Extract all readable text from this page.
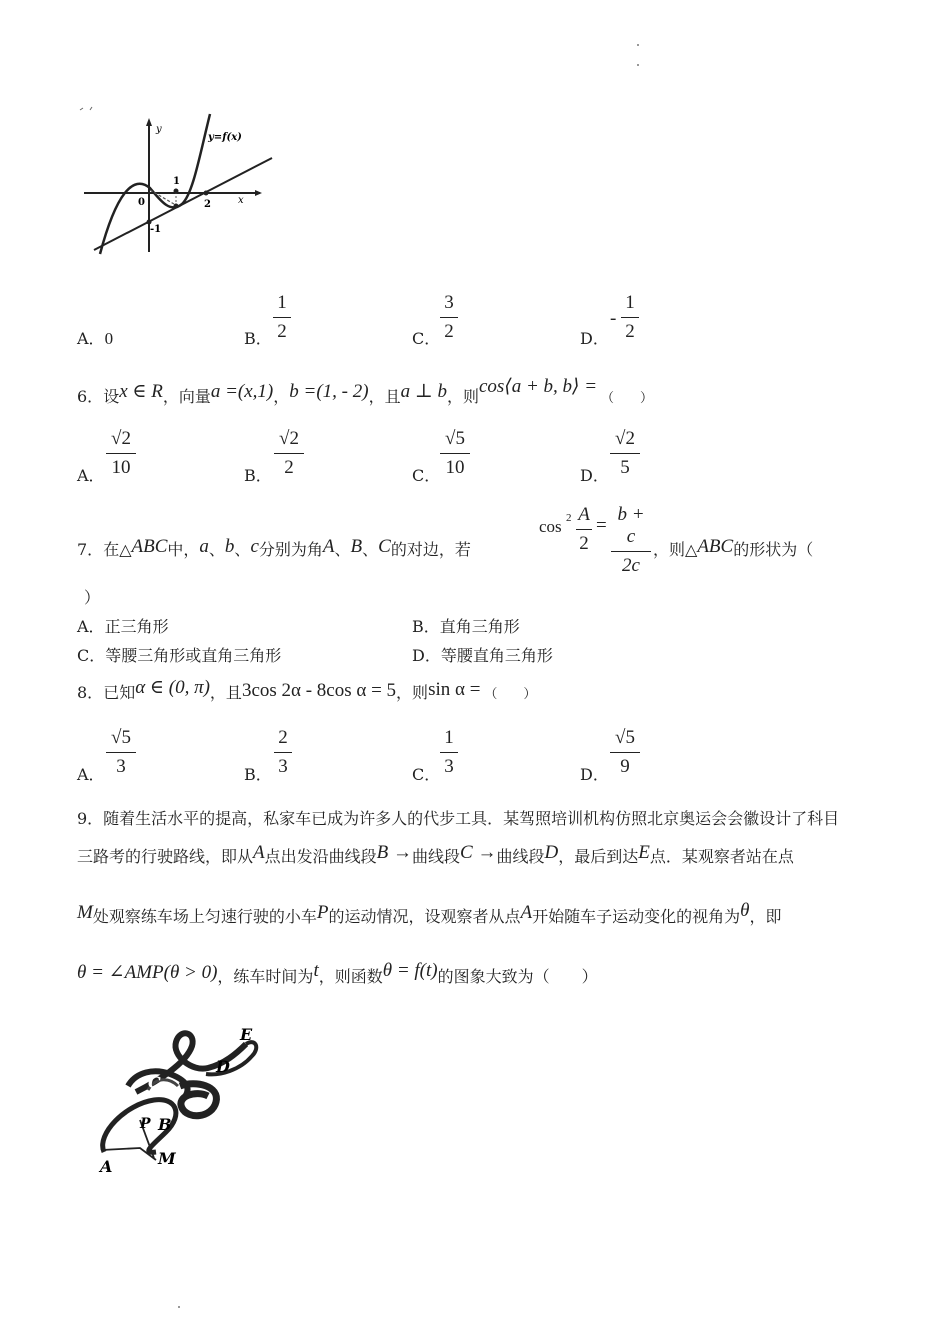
y
y=f(x)
1
0	2	x
-1
A．0	B．
1
2	C．
3
2	D．
-
1
2
6．设x ∈ R，向量a =(x,1)，b =(1, - 2)，且a ⊥ b，则cos⟨a + b, b⟩ =（　　）
A．
√2
10	B．
√2
2	C．
√5
10	D．
√2
5
7．在△ABC中，a、b、c分别为角A、B、C的对边，若
cos 2 A
2
=
b + c
2c
，则△ABC的形状为（
）
A．正三角形	B．直角三角形
C．等腰三角形或直角三角形	D．等腰直角三角形
8．已知α ∈ (0, π)，且3cos 2α - 8cos α = 5，则sin α = （　　）
A．
√5
3	B．
2
3	C．
1
3	D．
√5
9
9．随着生活水平的提高，私家车已成为许多人的代步工具．某驾照培训机构仿照北京奥运会会徽设计了科目
三路考的行驶路线，即从A点出发沿曲线段B →曲线段C →曲线段D，最后到达E点．某观察者站在点
M处观察练车场上匀速行驶的小车P的运动情况，设观察者从点A开始随车子运动变化的视角为θ，即
θ = ∠AMP(θ > 0)，练车时间为t，则函数θ = f(t)的图象大致为（　　）
E
D
C
P B
A	M
